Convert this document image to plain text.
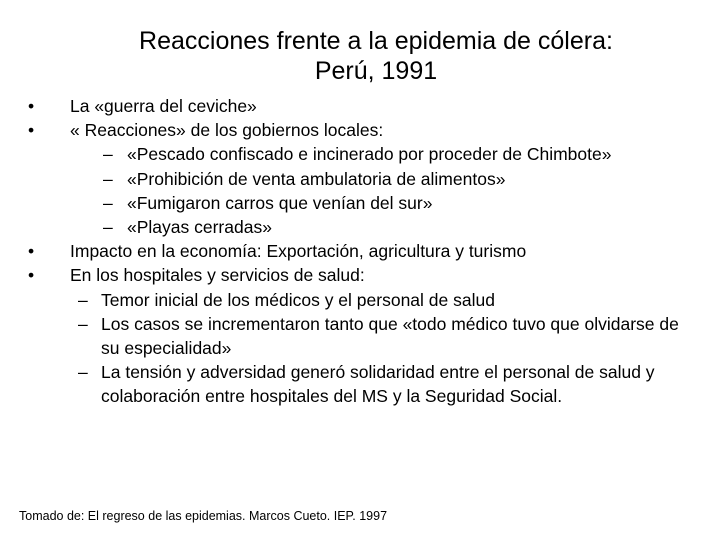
Reacciones frente a la epidemia de cólera:
Perú, 1991
• La «guerra del ceviche»
• « Reacciones» de los gobiernos locales:
– «Pescado confiscado e incinerado por proceder de Chimbote»
– «Prohibición de venta ambulatoria de alimentos»
– «Fumigaron carros que venían del sur»
– «Playas cerradas»
• Impacto en la economía: Exportación, agricultura y turismo
• En los hospitales y servicios de salud:
– Temor inicial de los médicos y el personal de salud
– Los casos se incrementaron tanto que «todo médico tuvo que olvidarse de su especialidad»
– La tensión y adversidad generó solidaridad entre el personal de salud y colaboración entre hospitales del MS y la Seguridad Social.
Tomado de: El regreso de las epidemias. Marcos Cueto. IEP. 1997
